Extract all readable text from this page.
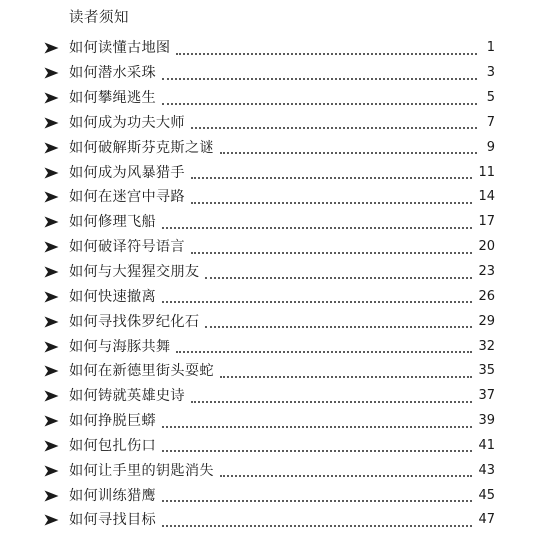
读者须知
如何读懂古地图	1
如何潜水采珠	3
如何攀绳逃生	5
如何成为功夫大师	7
如何破解斯芬克斯之谜	9
如何成为风暴猎手	11
如何在迷宫中寻路	14
如何修理飞船	17
如何破译符号语言	20
如何与大猩猩交朋友	23
如何快速撤离	26
如何寻找侏罗纪化石	29
如何与海豚共舞	32
如何在新德里街头耍蛇	35
如何铸就英雄史诗	37
如何挣脱巨蟒	39
如何包扎伤口	41
如何让手里的钥匙消失	43
如何训练猎鹰	45
如何寻找目标	47
